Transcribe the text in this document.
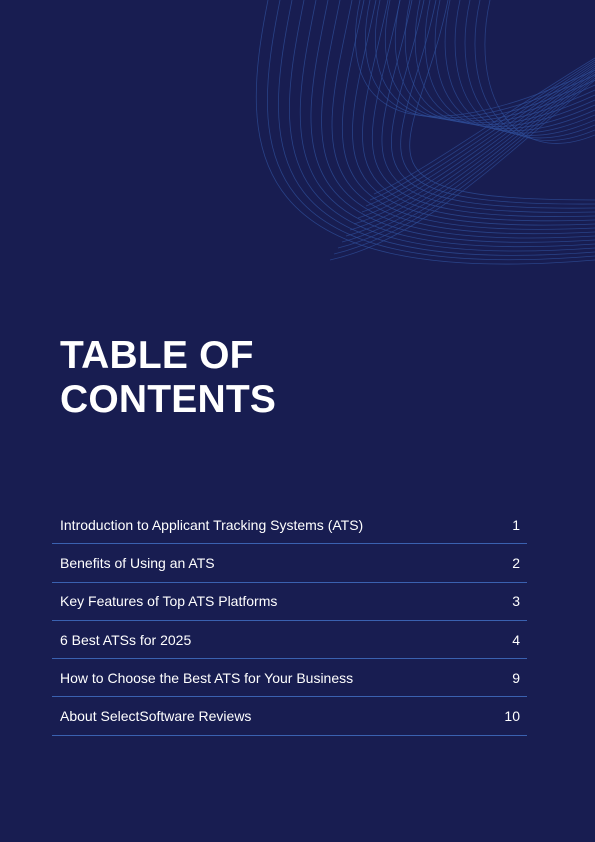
TABLE OF
CONTENTS
Introduction to Applicant Tracking Systems (ATS)	1
Benefits of Using an ATS	2
Key Features of Top ATS Platforms	3
6 Best ATSs for 2025	4
How to Choose the Best ATS for Your Business	9
About SelectSoftware Reviews	10
